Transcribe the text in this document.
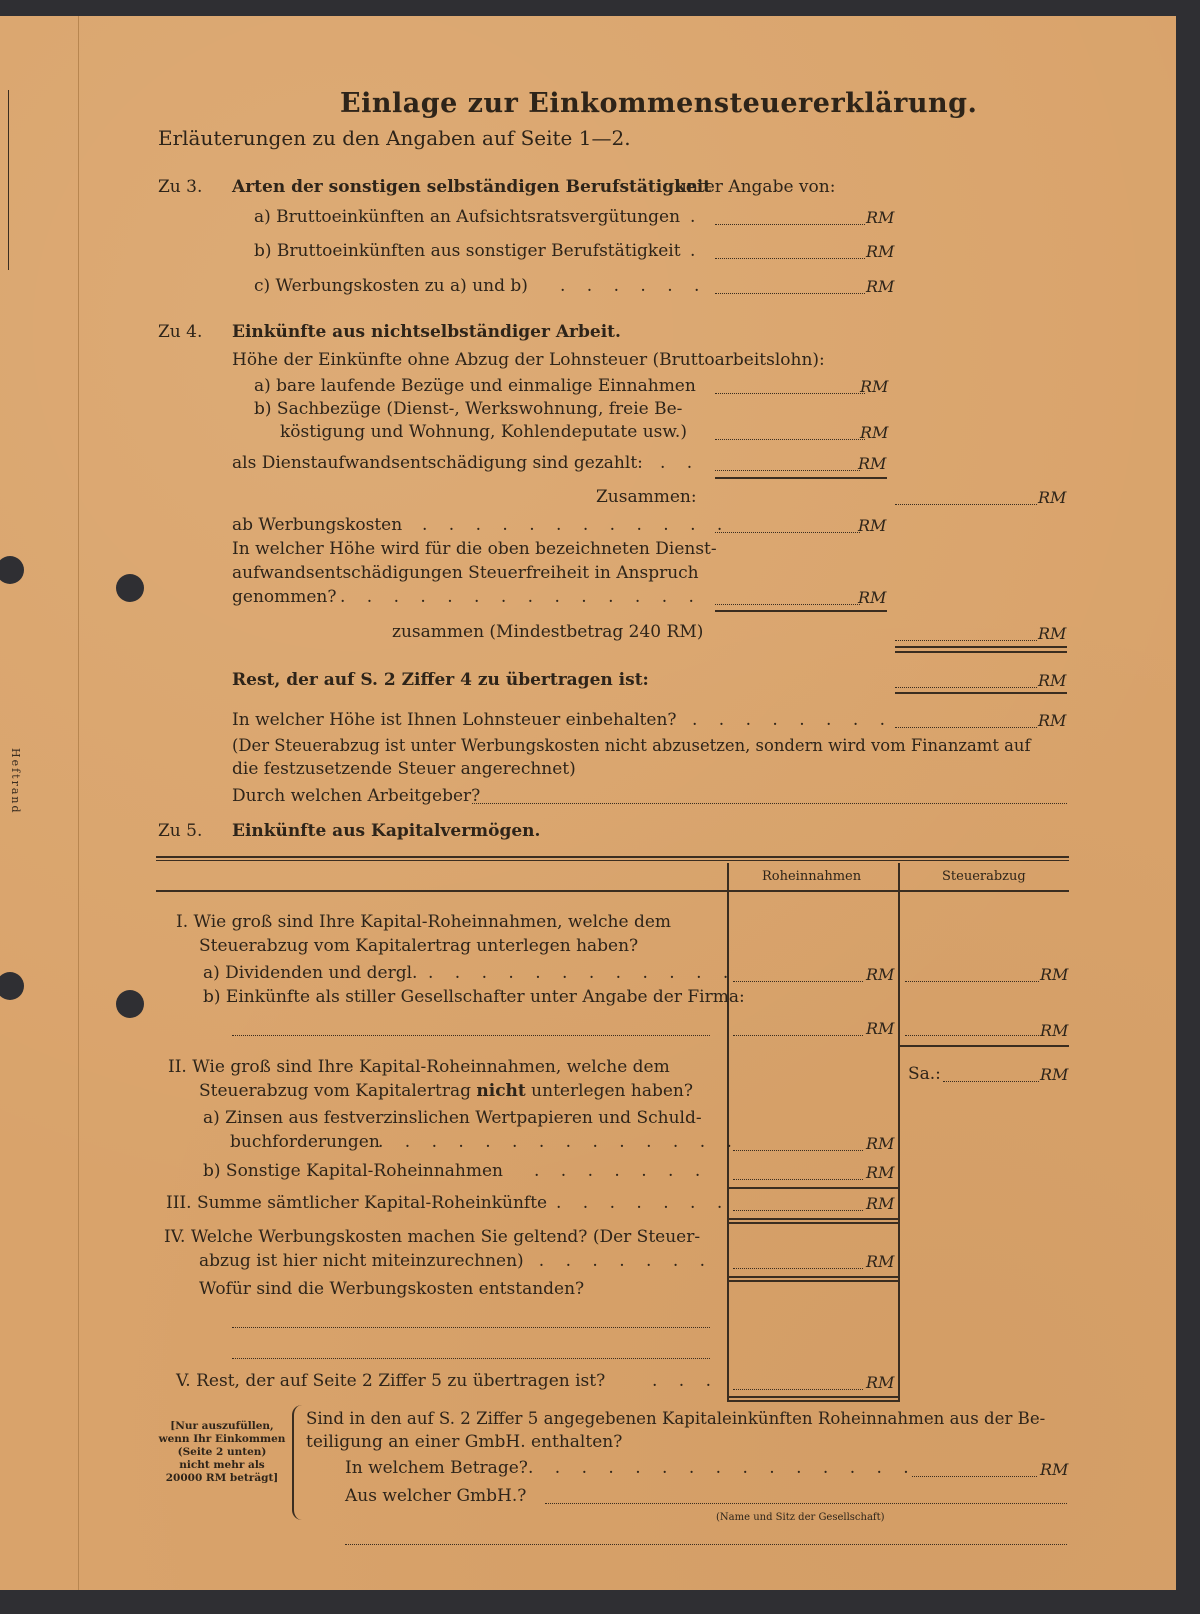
Heftrand
Einlage zur Einkommensteuererklärung.
Erläuterungen zu den Angaben auf Seite 1—2.
Zu 3. Arten der sonstigen selbständigen Berufstätigkeit
unter Angabe von:
a) Bruttoeinkünften an Aufsichtsratsvergütungen .	RM
b) Bruttoeinkünften aus sonstiger Berufstätigkeit .	RM
c) Werbungskosten zu a) und b) . . . . . .	RM
Zu 4. Einkünfte aus nichtselbständiger Arbeit.
Höhe der Einkünfte ohne Abzug der Lohnsteuer (Bruttoarbeitslohn):
a) bare laufende Bezüge und einmalige Einnahmen	RM
b) Sachbezüge (Dienst-, Werkswohnung, freie Be-
köstigung und Wohnung, Kohlendeputate usw.)	RM
als Dienstaufwandsentschädigung sind gezahlt: . .	RM
Zusammen:	RM
ab Werbungskosten . . . . . . . . . . . .	RM
In welcher Höhe wird für die oben bezeichneten Dienst-
aufwandsentschädigungen Steuerfreiheit in Anspruch
genommen? . . . . . . . . . . . . . .	RM
zusammen (Mindestbetrag 240 RM)	RM
Rest, der auf S. 2 Ziffer 4 zu übertragen ist:	RM
In welcher Höhe ist Ihnen Lohnsteuer einbehalten? . . . . . . . .	RM
(Der Steuerabzug ist unter Werbungskosten nicht abzusetzen, sondern wird vom Finanzamt auf
die festzusetzende Steuer angerechnet)
Durch welchen Arbeitgeber?
Zu 5. Einkünfte aus Kapitalvermögen.
Roheinnahmen	Steuerabzug
I. Wie groß sind Ihre Kapital-Roheinnahmen, welche dem
Steuerabzug vom Kapitalertrag unterlegen haben?
a) Dividenden und dergl. . . . . . . . . . . . .	RM	RM
b) Einkünfte als stiller Gesellschafter unter Angabe der Firma:
RM	RM
Sa.:	RM
II. Wie groß sind Ihre Kapital-Roheinnahmen, welche dem
Steuerabzug vom Kapitalertrag nicht unterlegen haben?
a) Zinsen aus festverzinslichen Wertpapieren und Schuld-
buchforderungen
. . . . . . . . . . . . . .	RM
b) Sonstige Kapital-Roheinnahmen . . . . . . .	RM
III. Summe sämtlicher Kapital-Roheinkünfte . . . . . . .	RM
IV. Welche Werbungskosten machen Sie geltend? (Der Steuer-
abzug ist hier nicht miteinzurechnen)
. . . . . . . .	RM
Wofür sind die Werbungskosten entstanden?
V. Rest, der auf Seite 2 Ziffer 5 zu übertragen ist?	. . .	RM
[Nur auszufüllen,
wenn Ihr Einkommen
(Seite 2 unten)
nicht mehr als
20000 RM beträgt]
Sind in den auf S. 2 Ziffer 5 angegebenen Kapitaleinkünften Roheinnahmen aus der Be-
teiligung an einer GmbH. enthalten?
In welchem Betrage? . . . . . . . . . . . . . . .	RM
Aus welcher GmbH.?
(Name und Sitz der Gesellschaft)
